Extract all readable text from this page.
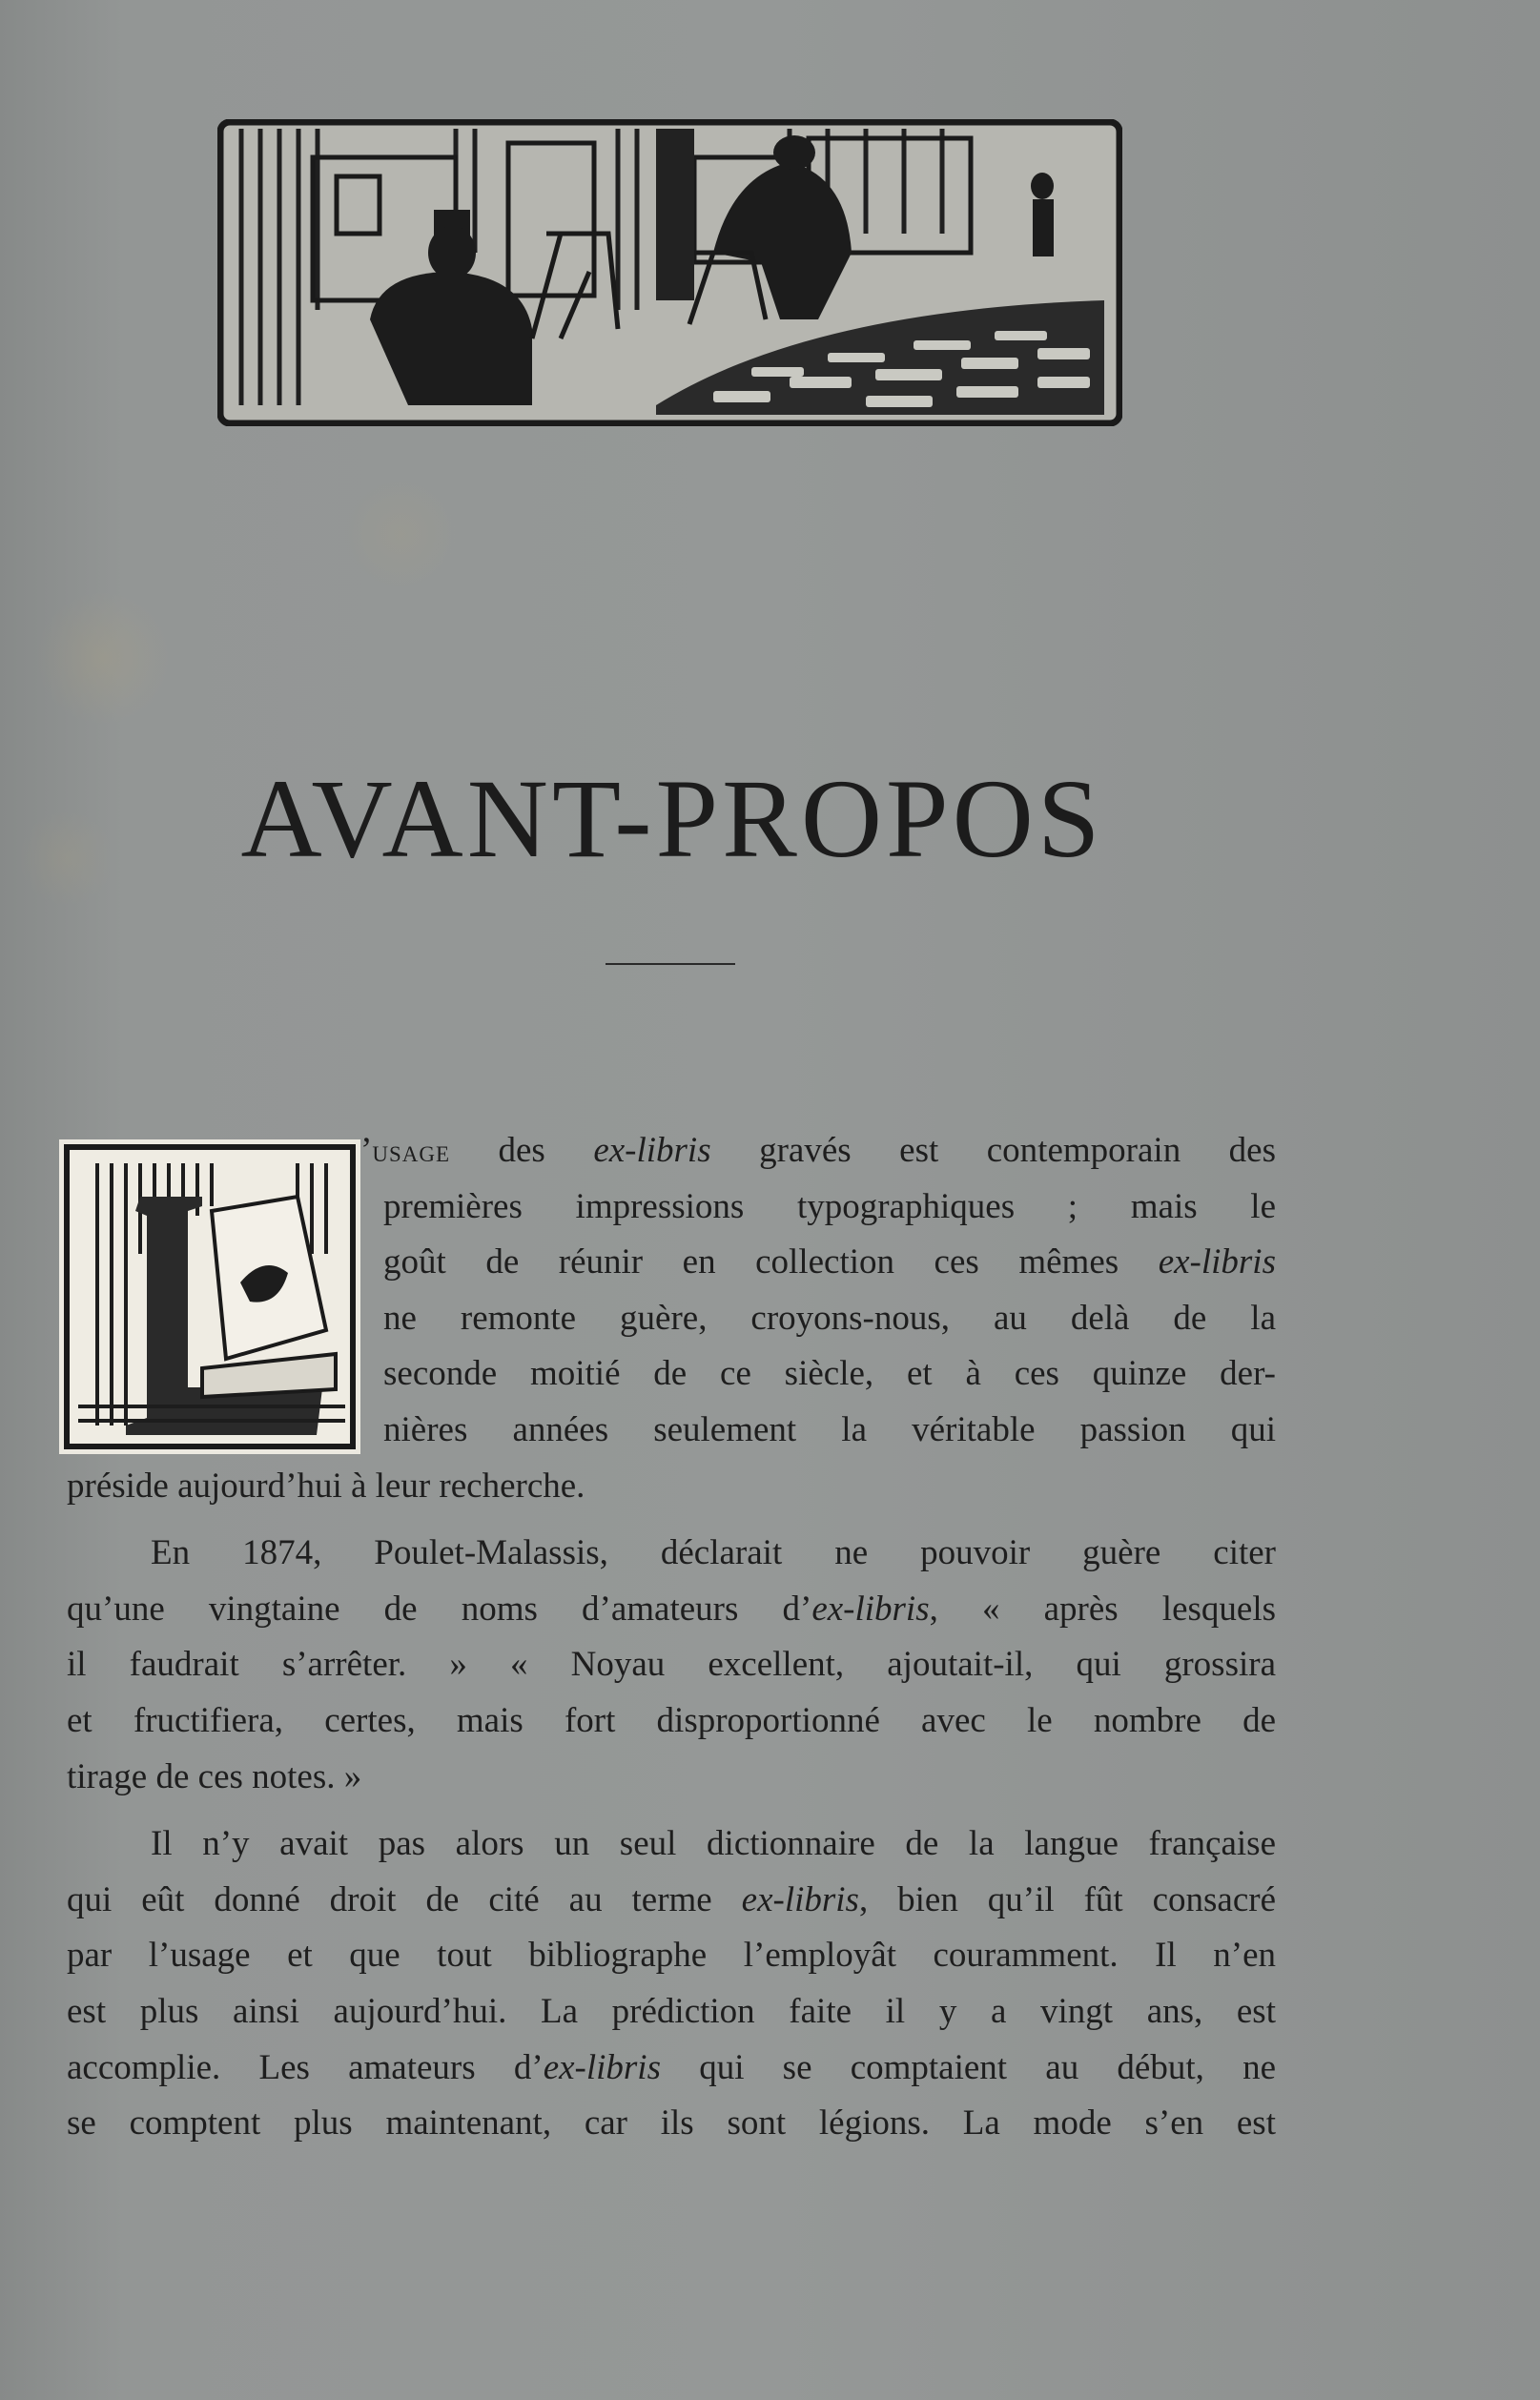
AVANT-PROPOS
’usage des ex-libris gravés est contemporain des
premières impressions typographiques ; mais le
goût de réunir en collection ces mêmes ex-libris
ne remonte guère, croyons-nous, au delà de la
seconde moitié de ce siècle, et à ces quinze der-
nières années seulement la véritable passion qui
préside aujourd’hui à leur recherche.
En 1874, Poulet-Malassis, déclarait ne pouvoir guère citer
qu’une vingtaine de noms d’amateurs d’ex-libris, « après lesquels
il faudrait s’arrêter. » « Noyau excellent, ajoutait-il, qui grossira
et fructifiera, certes, mais fort disproportionné avec le nombre de
tirage de ces notes. »
Il n’y avait pas alors un seul dictionnaire de la langue française
qui eût donné droit de cité au terme ex-libris, bien qu’il fût consacré
par l’usage et que tout bibliographe l’employât couramment. Il n’en
est plus ainsi aujourd’hui. La prédiction faite il y a vingt ans, est
accomplie. Les amateurs d’ex-libris qui se comptaient au début, ne
se comptent plus maintenant, car ils sont légions. La mode s’en est
